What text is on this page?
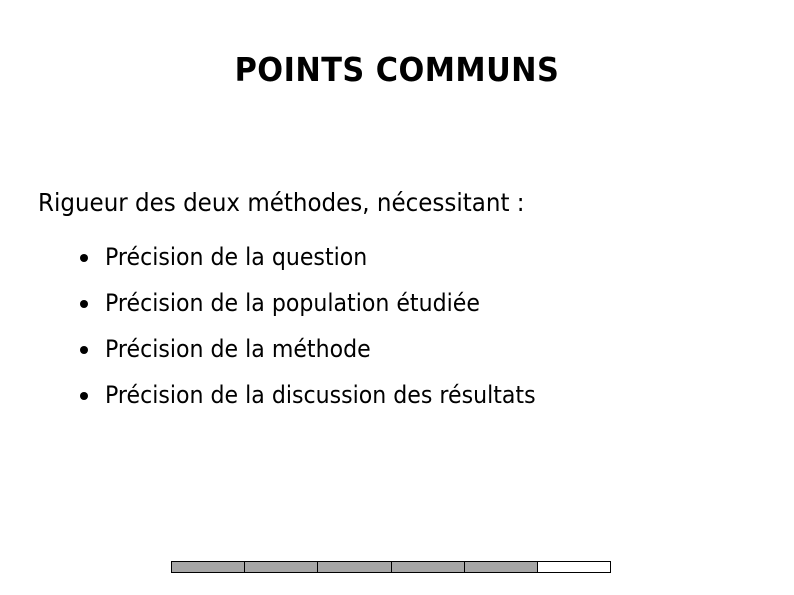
POINTS COMMUNS
Rigueur des deux méthodes, nécessitant :
Précision de la question
Précision de la population étudiée
Précision de la méthode
Précision de la discussion des résultats
